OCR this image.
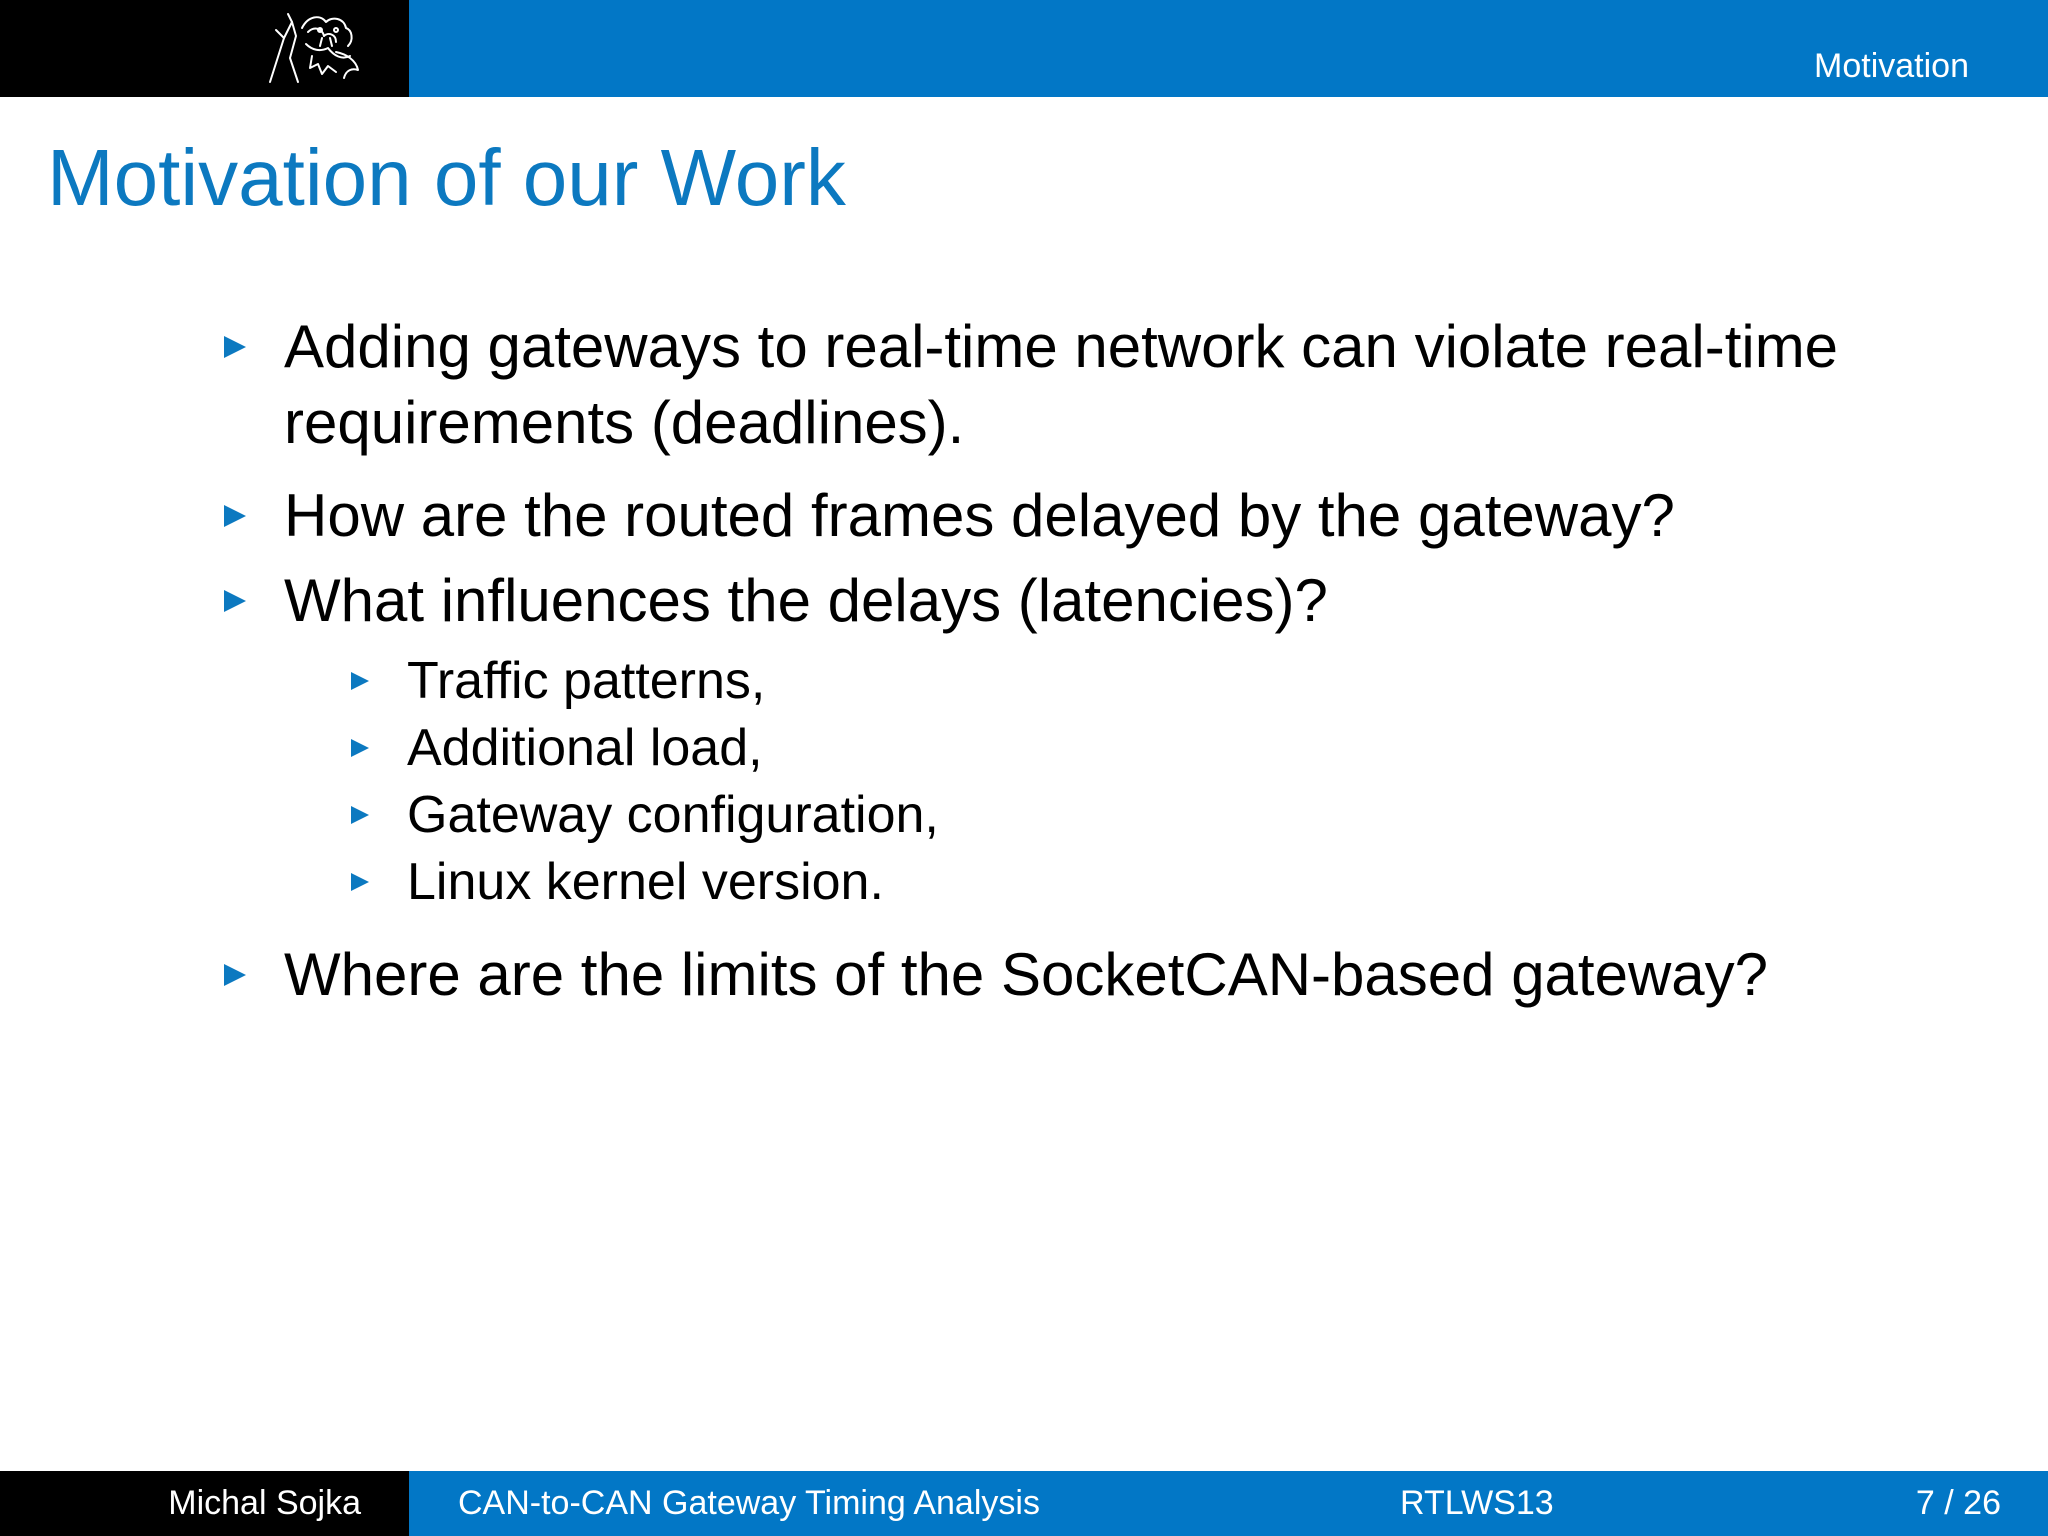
Motivation
Motivation of our Work
Adding gateways to real-time network can violate real-time
requirements (deadlines).
How are the routed frames delayed by the gateway?
What influences the delays (latencies)?
Traffic patterns,
Additional load,
Gateway configuration,
Linux kernel version.
Where are the limits of the SocketCAN-based gateway?
Michal Sojka	CAN-to-CAN Gateway Timing Analysis	RTLWS13	7 / 26
